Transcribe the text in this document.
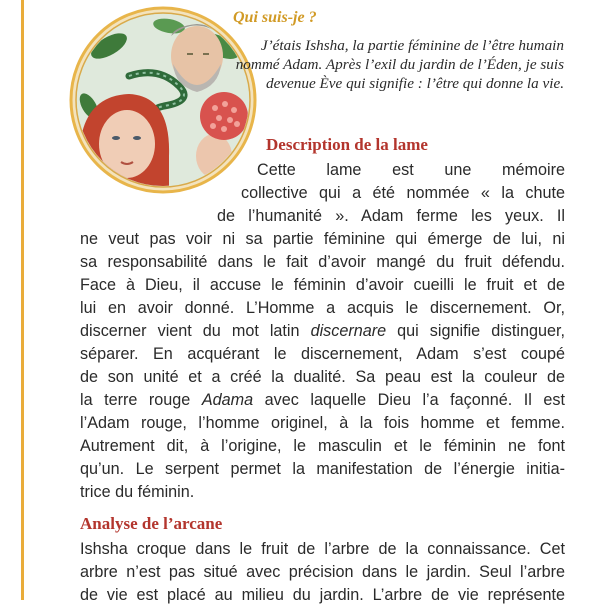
Qui suis-je ?

J’étais Ishsha, la partie féminine de l’être humain nommé Adam. Après l’exil du jardin de l’Éden, je suis devenue Ève qui signifie : l’être qui donne la vie.

Description de la lame

Cette lame est une mémoire

collective qui a été nommée « la chute

de l’humanité ». Adam ferme les yeux. Il

ne veut pas voir ni sa partie féminine qui émerge de lui, ni

sa responsabilité dans le fait d’avoir mangé du fruit défendu.

Face à Dieu, il accuse le féminin d’avoir cueilli le fruit et de

lui en avoir donné. L’Homme a acquis le discernement. Or,

discerner vient du mot latin discernare qui signifie distinguer,

séparer. En acquérant le discernement, Adam s’est coupé

de son unité et a créé la dualité. Sa peau est la couleur de

la terre rouge Adama avec laquelle Dieu l’a façonné. Il est

l’Adam rouge, l’homme originel, à la fois homme et femme.

Autrement dit, à l’origine, le masculin et le féminin ne font

qu’un. Le serpent permet la manifestation de l’énergie initia-

trice du féminin.

Analyse de l’arcane

Ishsha croque dans le fruit de l’arbre de la connaissance. Cet

arbre n’est pas situé avec précision dans le jardin. Seul l’arbre

de vie est placé au milieu du jardin. L’arbre de vie représente
